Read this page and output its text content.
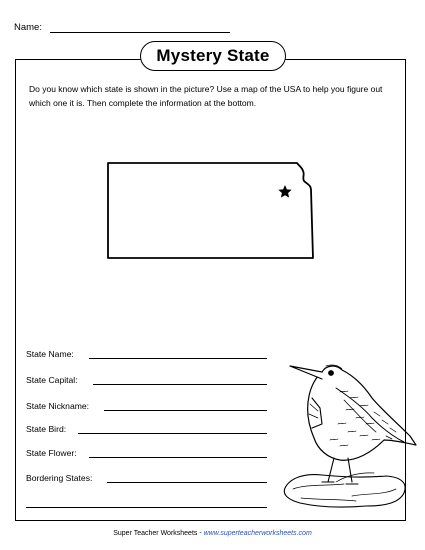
Name:
Mystery State
Do you know which state is shown in the picture? Use a map of the USA to help you figure out which one it is. Then complete the information at the bottom.
State Name:
State Capital:
State Nickname:
State Bird:
State Flower:
Bordering States:
Super Teacher Worksheets - www.superteacherworksheets.com
